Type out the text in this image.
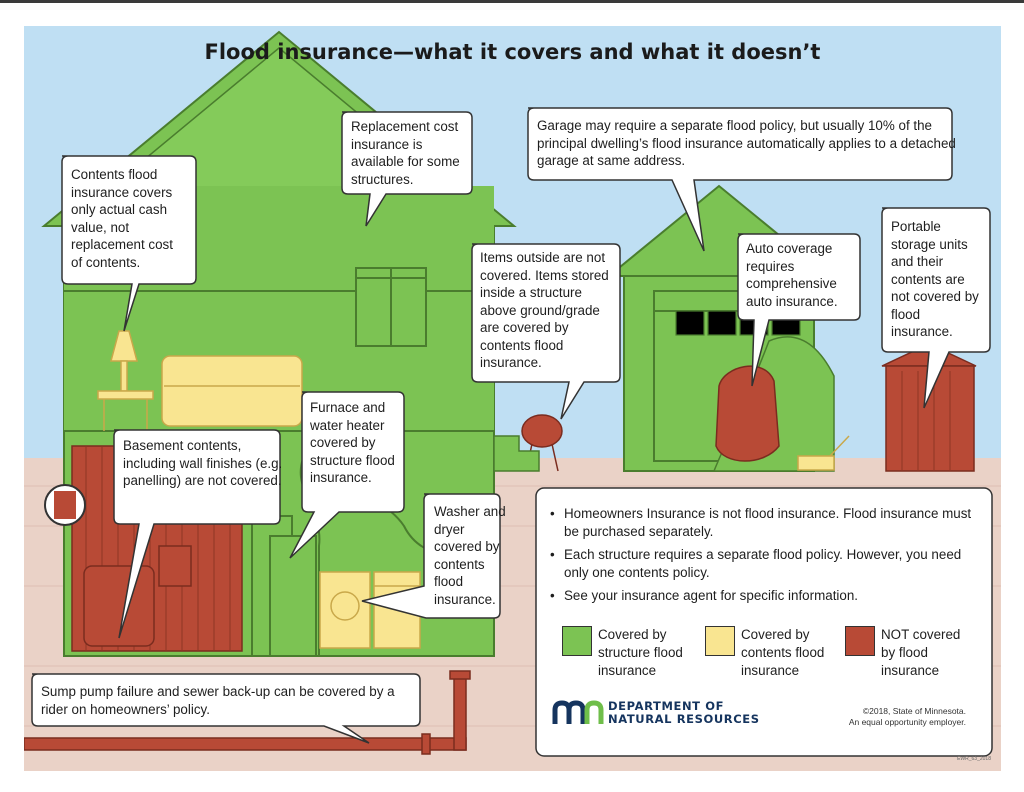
Flood insurance—what it covers and what it doesn’t
Contents flood insurance covers only actual cash value, not replacement cost of contents.
Replacement cost insurance is available for some structures.
Garage may require a separate flood policy, but usually 10% of the principal dwelling’s flood insurance automatically applies to a detached garage at same address.
Items outside are not covered. Items stored inside a structure above ground/grade are covered by contents flood insurance.
Auto coverage requires comprehensive auto insurance.
Portable storage units and their contents are not covered by flood insurance.
Furnace and water heater covered by structure flood insurance.
Basement contents, including wall finishes (e.g. panelling) are not covered.
Washer and dryer covered by contents flood insurance.
Sump pump failure and sewer back-up can be covered by a rider on homeowners’ policy.
• Homeowners Insurance is not flood insurance. Flood insurance must be purchased separately.
• Each structure requires a separate flood policy. However, you need only one contents policy.
• See your insurance agent for specific information.
Covered by structure flood insurance
Covered by contents flood insurance
NOT covered by flood insurance
DEPARTMENT OF
NATURAL RESOURCES
©2018, State of Minnesota.
An equal opportunity employer.
EWR_63_2018
